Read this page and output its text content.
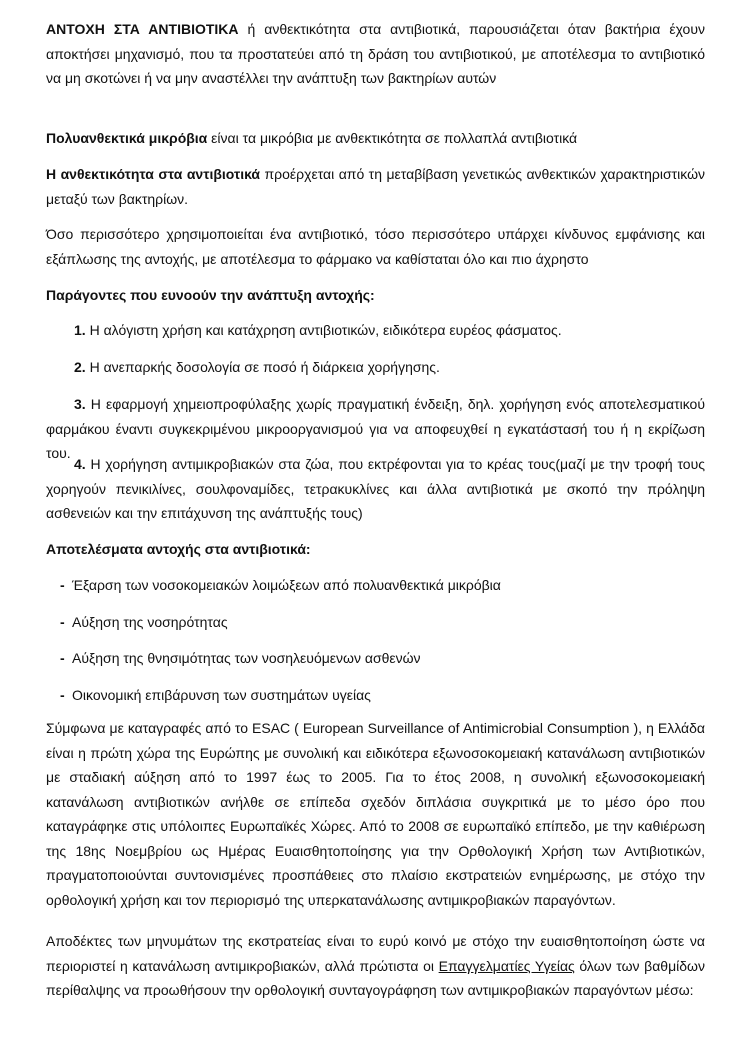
ΑΝΤΟΧΗ ΣΤΑ ΑΝΤΙΒΙΟΤΙΚΑ ή ανθεκτικότητα στα αντιβιοτικά, παρουσιάζεται όταν βακτήρια έχουν αποκτήσει μηχανισμό, που τα προστατεύει από τη δράση του αντιβιοτικού, με αποτέλεσμα το αντιβιοτικό να μη σκοτώνει ή να μην αναστέλλει την ανάπτυξη των βακτηρίων αυτών

Πολυανθεκτικά μικρόβια είναι τα μικρόβια με ανθεκτικότητα σε πολλαπλά αντιβιοτικά

Η ανθεκτικότητα στα αντιβιοτικά προέρχεται από τη μεταβίβαση γενετικώς ανθεκτικών χαρακτηριστικών μεταξύ των βακτηρίων.

Όσο περισσότερο χρησιμοποιείται ένα αντιβιοτικό, τόσο περισσότερο υπάρχει κίνδυνος εμφάνισης και εξάπλωσης της αντοχής, με αποτέλεσμα το φάρμακο να καθίσταται όλο και πιο άχρηστο

Παράγοντες που ευνοούν την ανάπτυξη αντοχής:

1. Η αλόγιστη χρήση και κατάχρηση αντιβιοτικών, ειδικότερα ευρέος φάσματος.

2. Η ανεπαρκής δοσολογία σε ποσό ή διάρκεια χορήγησης.

3. Η εφαρμογή χημειοπροφύλαξης χωρίς πραγματική ένδειξη, δηλ. χορήγηση ενός αποτελεσματικού φαρμάκου έναντι συγκεκριμένου μικροοργανισμού για να αποφευχθεί η εγκατάστασή του ή η εκρίζωση του.

4. Η χορήγηση αντιμικροβιακών στα ζώα, που εκτρέφονται για το κρέας τους(μαζί με την τροφή τους χορηγούν πενικιλίνες, σουλφοναμίδες, τετρακυκλίνες και άλλα αντιβιοτικά με σκοπό την πρόληψη ασθενειών και την επιτάχυνση της ανάπτυξής τους)

Αποτελέσματα αντοχής στα αντιβιοτικά:

- Έξαρση των νοσοκομειακών λοιμώξεων από πολυανθεκτικά μικρόβια

- Αύξηση της νοσηρότητας

- Αύξηση της θνησιμότητας των νοσηλευόμενων ασθενών

- Οικονομική επιβάρυνση των συστημάτων υγείας

Σύμφωνα με καταγραφές από το ESAC ( European Surveillance of Antimicrobial Consumption ), η Ελλάδα είναι η πρώτη χώρα της Ευρώπης με συνολική και ειδικότερα εξωνοσοκομειακή κατανάλωση αντιβιοτικών με σταδιακή αύξηση από το 1997 έως το 2005. Για το έτος 2008, η συνολική εξωνοσοκομειακή κατανάλωση αντιβιοτικών ανήλθε σε επίπεδα σχεδόν διπλάσια συγκριτικά με το μέσο όρο που καταγράφηκε στις υπόλοιπες Ευρωπαϊκές Χώρες. Από το 2008 σε ευρωπαϊκό επίπεδο, με την καθιέρωση της 18ης Νοεμβρίου ως Ημέρας Ευαισθητοποίησης για την Ορθολογική Χρήση των Αντιβιοτικών, πραγματοποιούνται συντονισμένες προσπάθειες στο πλαίσιο εκστρατειών ενημέρωσης, με στόχο την ορθολογική χρήση και τον περιορισμό της υπερκατανάλωσης αντιμικροβιακών παραγόντων.

Αποδέκτες των μηνυμάτων της εκστρατείας είναι το ευρύ κοινό με στόχο την ευαισθητοποίηση ώστε να περιοριστεί η κατανάλωση αντιμικροβιακών, αλλά πρώτιστα οι Επαγγελματίες Υγείας όλων των βαθμίδων περίθαλψης να προωθήσουν την ορθολογική συνταγογράφηση των αντιμικροβιακών παραγόντων μέσω:
